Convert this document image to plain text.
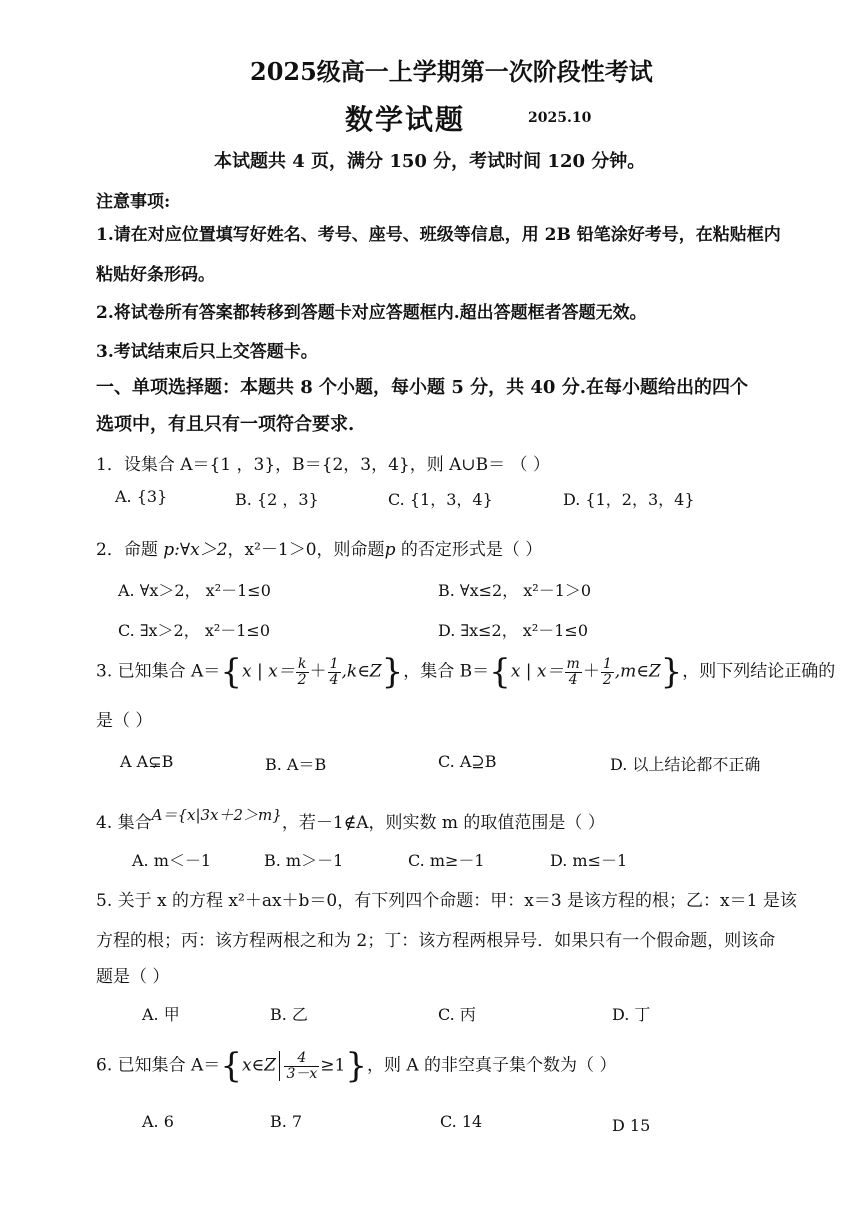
2025级高一上学期第一次阶段性考试
数学试题	2025.10
本试题共 4 页，满分 150 分，考试时间 120 分钟。
注意事项:
1.请在对应位置填写好姓名、考号、座号、班级等信息，用 2B 铅笔涂好考号，在粘贴框内
粘贴好条形码。
2.将试卷所有答案都转移到答题卡对应答题框内.超出答题框者答题无效。
3.考试结束后只上交答题卡。
一、单项选择题：本题共 8 个小题，每小题 5 分，共 40 分.在每小题给出的四个
选项中，有且只有一项符合要求.
1．设集合 A＝{1 ，3}，B＝{2，3，4}，则 A∪B＝ （ ）
A. {3}	B. {2 ，3}	C. {1，3，4}	D. {1，2，3，4}
2．命题 p:∀x＞2，x²－1＞0，则命题p 的否定形式是（ ）
A. ∀x＞2， x²－1≤0	B. ∀x≤2， x²－1＞0
C. ∃x＞2， x²－1≤0	D. ∃x≤2， x²－1≤0
3. 已知集合 A＝{x | $x= \frac{k}{2} + \frac{1}{4}$ ,k∈Z}，集合 B＝{x | $x= \frac{m}{4} + \frac{1}{2}$ ,m∈Z}，则下列结论正确的
是（ ）
A A⊊B	B. A＝B	C. A⊇B	D. 以上结论都不正确
4. 集合A＝{x|3x＋2＞m}，若－1∉A，则实数 m 的取值范围是（ ）
A. m＜－1	B. m＞－1	C. m≥－1	D. m≤－1
5. 关于 x 的方程 x²＋ax＋b＝0，有下列四个命题：甲：x＝3 是该方程的根；乙：x＝1 是该
方程的根；丙：该方程两根之和为 2；丁：该方程两根异号．如果只有一个假命题，则该命
题是（ ）
A. 甲	B. 乙	C. 丙	D. 丁
6. 已知集合 A＝{x∈Z $\frac{4}{3-x} \ge 1$}，则 A 的非空真子集个数为（ ）
A. 6	B. 7	C. 14	D 15
